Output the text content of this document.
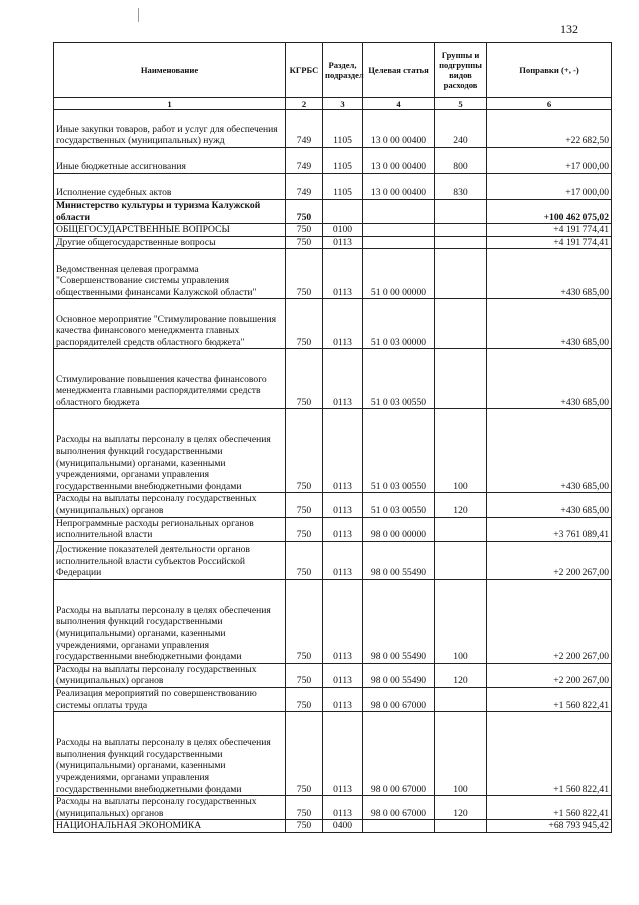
132
Наименование	КГРБС	Раздел, подраздел	Целевая статья	Группы и подгруппы видов расходов	Поправки (+, -)
1	2	3	4	5	6
Иные закупки товаров, работ и услуг для обеспечения государственных (муниципальных) нужд	749	1105	13 0 00 00400	240	+22 682,50
Иные бюджетные ассигнования	749	1105	13 0 00 00400	800	+17 000,00
Исполнение судебных актов	749	1105	13 0 00 00400	830	+17 000,00
Министерство культуры и туризма Калужской области	750				+100 462 075,02
ОБЩЕГОСУДАРСТВЕННЫЕ ВОПРОСЫ	750	0100			+4 191 774,41
Другие общегосударственные вопросы	750	0113			+4 191 774,41
Ведомственная целевая программа "Совершенствование системы управления общественными финансами Калужской области"	750	0113	51 0 00 00000		+430 685,00
Основное мероприятие "Стимулирование повышения качества финансового менеджмента главных распорядителей средств областного бюджета"	750	0113	51 0 03 00000		+430 685,00
Стимулирование повышения качества финансового менеджмента главными распорядителями средств областного бюджета	750	0113	51 0 03 00550		+430 685,00
Расходы на выплаты персоналу в целях обеспечения выполнения функций государственными (муниципальными) органами, казенными учреждениями, органами управления государственными внебюджетными фондами	750	0113	51 0 03 00550	100	+430 685,00
Расходы на выплаты персоналу государственных (муниципальных) органов	750	0113	51 0 03 00550	120	+430 685,00
Непрограммные расходы региональных органов исполнительной власти	750	0113	98 0 00 00000		+3 761 089,41
Достижение показателей деятельности органов исполнительной власти субъектов Российской Федерации	750	0113	98 0 00 55490		+2 200 267,00
Расходы на выплаты персоналу в целях обеспечения выполнения функций государственными (муниципальными) органами, казенными учреждениями, органами управления государственными внебюджетными фондами	750	0113	98 0 00 55490	100	+2 200 267,00
Расходы на выплаты персоналу государственных (муниципальных) органов	750	0113	98 0 00 55490	120	+2 200 267,00
Реализация мероприятий по совершенствованию системы оплаты труда	750	0113	98 0 00 67000		+1 560 822,41
Расходы на выплаты персоналу в целях обеспечения выполнения функций государственными (муниципальными) органами, казенными учреждениями, органами управления государственными внебюджетными фондами	750	0113	98 0 00 67000	100	+1 560 822,41
Расходы на выплаты персоналу государственных (муниципальных) органов	750	0113	98 0 00 67000	120	+1 560 822,41
НАЦИОНАЛЬНАЯ ЭКОНОМИКА	750	0400			+68 793 945,42
